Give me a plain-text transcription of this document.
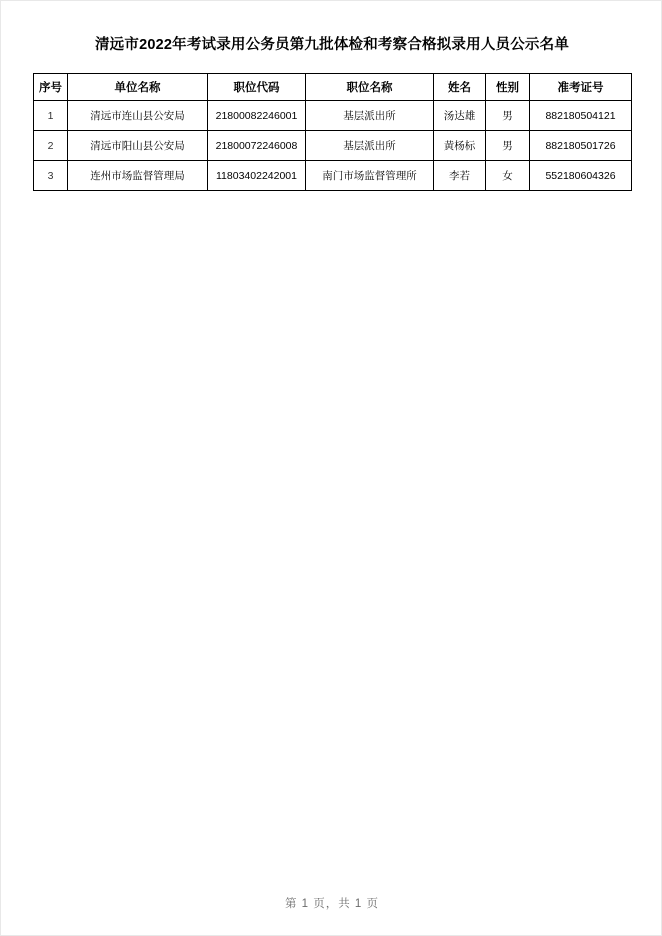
清远市2022年考试录用公务员第九批体检和考察合格拟录用人员公示名单
序号	单位名称	职位代码	职位名称	姓名	性别	准考证号
1	清远市连山县公安局	21800082246001	基层派出所	汤达雄	男	882180504121
2	清远市阳山县公安局	21800072246008	基层派出所	黄杨标	男	882180501726
3	连州市场监督管理局	11803402242001	南门市场监督管理所	李若	女	552180604326
第 1 页，共 1 页
